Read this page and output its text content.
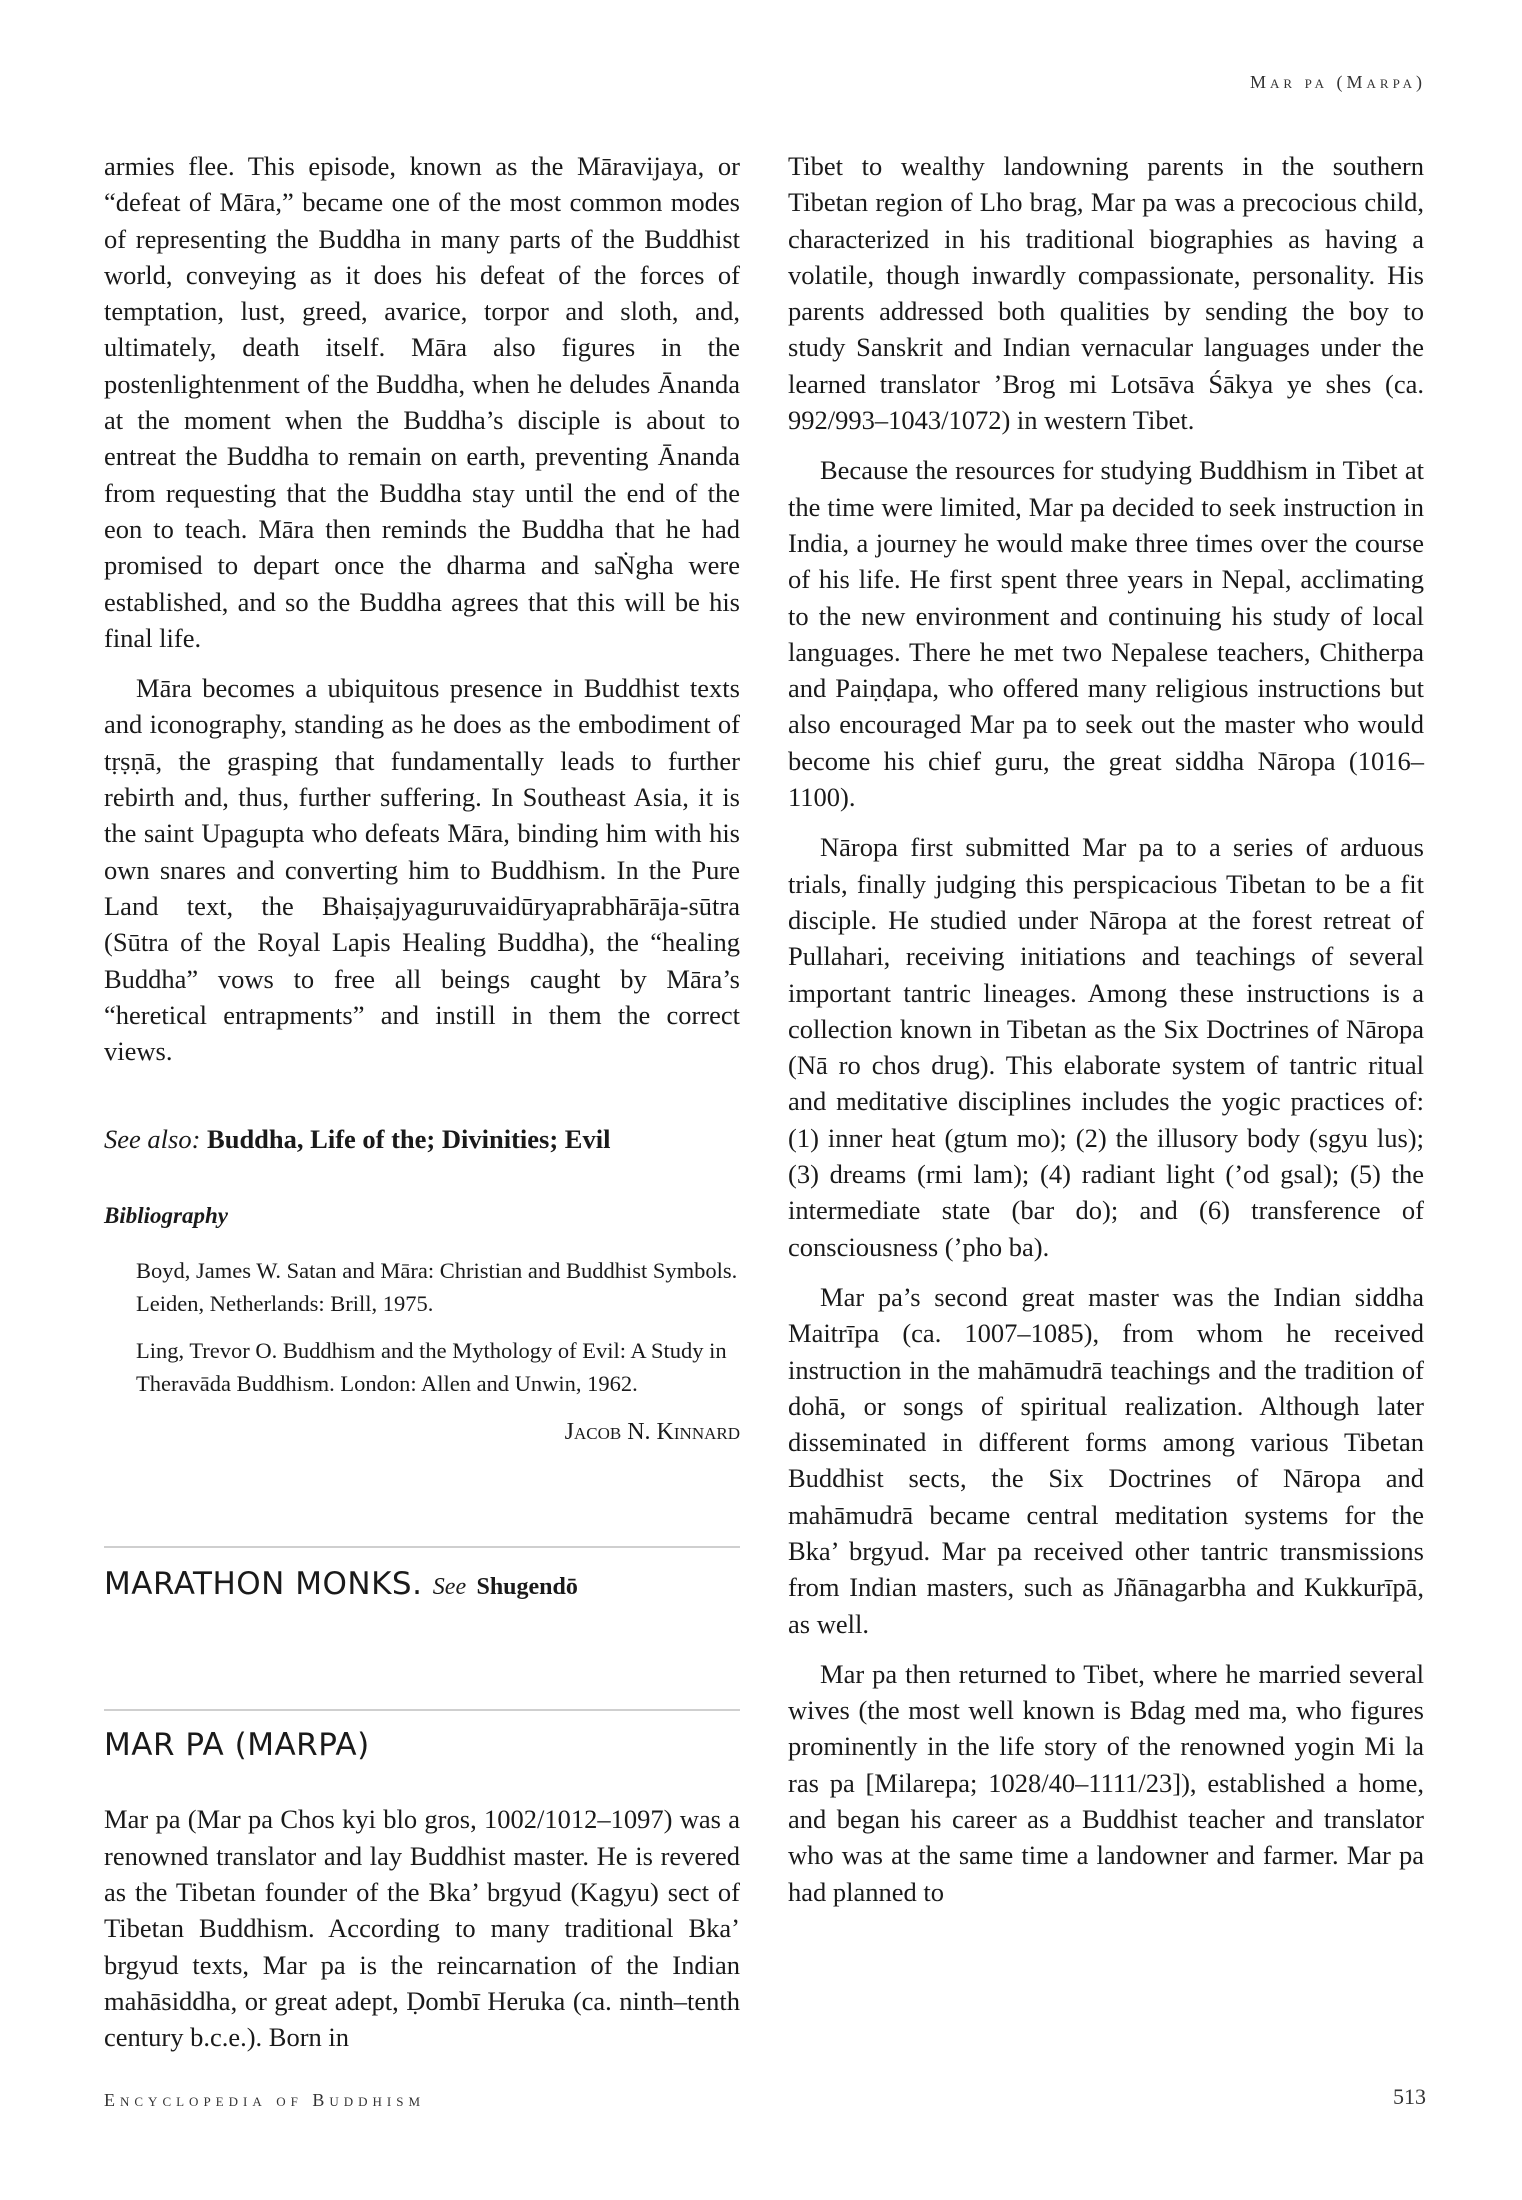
Mar pa (Marpa)

armies flee. This episode, known as the Māravijaya, or “defeat of Māra,” became one of the most common modes of representing the Buddha in many parts of the Buddhist world, conveying as it does his defeat of the forces of temptation, lust, greed, avarice, torpor and sloth, and, ultimately, death itself. Māra also figures in the postenlightenment of the Buddha, when he deludes Ānanda at the moment when the Buddha’s disciple is about to entreat the Buddha to remain on earth, preventing Ānanda from requesting that the Buddha stay until the end of the eon to teach. Māra then reminds the Buddha that he had promised to depart once the dharma and saṄgha were established, and so the Buddha agrees that this will be his final life.

Māra becomes a ubiquitous presence in Buddhist texts and iconography, standing as he does as the embodiment of tṛṣṇā, the grasping that fundamentally leads to further rebirth and, thus, further suffering. In Southeast Asia, it is the saint Upagupta who defeats Māra, binding him with his own snares and converting him to Buddhism. In the Pure Land text, the Bhaiṣajyaguruvaidūryaprabhārāja-sūtra (Sūtra of the Royal Lapis Healing Buddha), the “healing Buddha” vows to free all beings caught by Māra’s “heretical entrapments” and instill in them the correct views.

See also: Buddha, Life of the; Divinities; Evil

Bibliography

Boyd, James W. Satan and Māra: Christian and Buddhist Symbols. Leiden, Netherlands: Brill, 1975.

Ling, Trevor O. Buddhism and the Mythology of Evil: A Study in Theravāda Buddhism. London: Allen and Unwin, 1962.

Jacob N. Kinnard

MARATHON MONKS. See Shugendō
MAR PA (MARPA)

Mar pa (Mar pa Chos kyi blo gros, 1002/1012–1097) was a renowned translator and lay Buddhist master. He is revered as the Tibetan founder of the Bka’ brgyud (Kagyu) sect of Tibetan Buddhism. According to many traditional Bka’ brgyud texts, Mar pa is the reincarnation of the Indian mahāsiddha, or great adept, Ḍombī Heruka (ca. ninth–tenth century b.c.e.). Born in

Tibet to wealthy landowning parents in the southern Tibetan region of Lho brag, Mar pa was a precocious child, characterized in his traditional biographies as having a volatile, though inwardly compassionate, personality. His parents addressed both qualities by sending the boy to study Sanskrit and Indian vernacular languages under the learned translator ’Brog mi Lotsāva Śākya ye shes (ca. 992/993–1043/1072) in western Tibet.

Because the resources for studying Buddhism in Tibet at the time were limited, Mar pa decided to seek instruction in India, a journey he would make three times over the course of his life. He first spent three years in Nepal, acclimating to the new environment and continuing his study of local languages. There he met two Nepalese teachers, Chitherpa and Paiṇḍapa, who offered many religious instructions but also encouraged Mar pa to seek out the master who would become his chief guru, the great siddha Nāropa (1016–1100).

Nāropa first submitted Mar pa to a series of arduous trials, finally judging this perspicacious Tibetan to be a fit disciple. He studied under Nāropa at the forest retreat of Pullahari, receiving initiations and teachings of several important tantric lineages. Among these instructions is a collection known in Tibetan as the Six Doctrines of Nāropa (Nā ro chos drug). This elaborate system of tantric ritual and meditative disciplines includes the yogic practices of: (1) inner heat (gtum mo); (2) the illusory body (sgyu lus); (3) dreams (rmi lam); (4) radiant light (’od gsal); (5) the intermediate state (bar do); and (6) transference of consciousness (’pho ba).

Mar pa’s second great master was the Indian siddha Maitrīpa (ca. 1007–1085), from whom he received instruction in the mahāmudrā teachings and the tradition of dohā, or songs of spiritual realization. Although later disseminated in different forms among various Tibetan Buddhist sects, the Six Doctrines of Nāropa and mahāmudrā became central meditation systems for the Bka’ brgyud. Mar pa received other tantric transmissions from Indian masters, such as Jñānagarbha and Kukkurīpā, as well.

Mar pa then returned to Tibet, where he married several wives (the most well known is Bdag med ma, who figures prominently in the life story of the renowned yogin Mi la ras pa [Milarepa; 1028/40–1111/23]), established a home, and began his career as a Buddhist teacher and translator who was at the same time a landowner and farmer. Mar pa had planned to

Encyclopedia of Buddhism	513
